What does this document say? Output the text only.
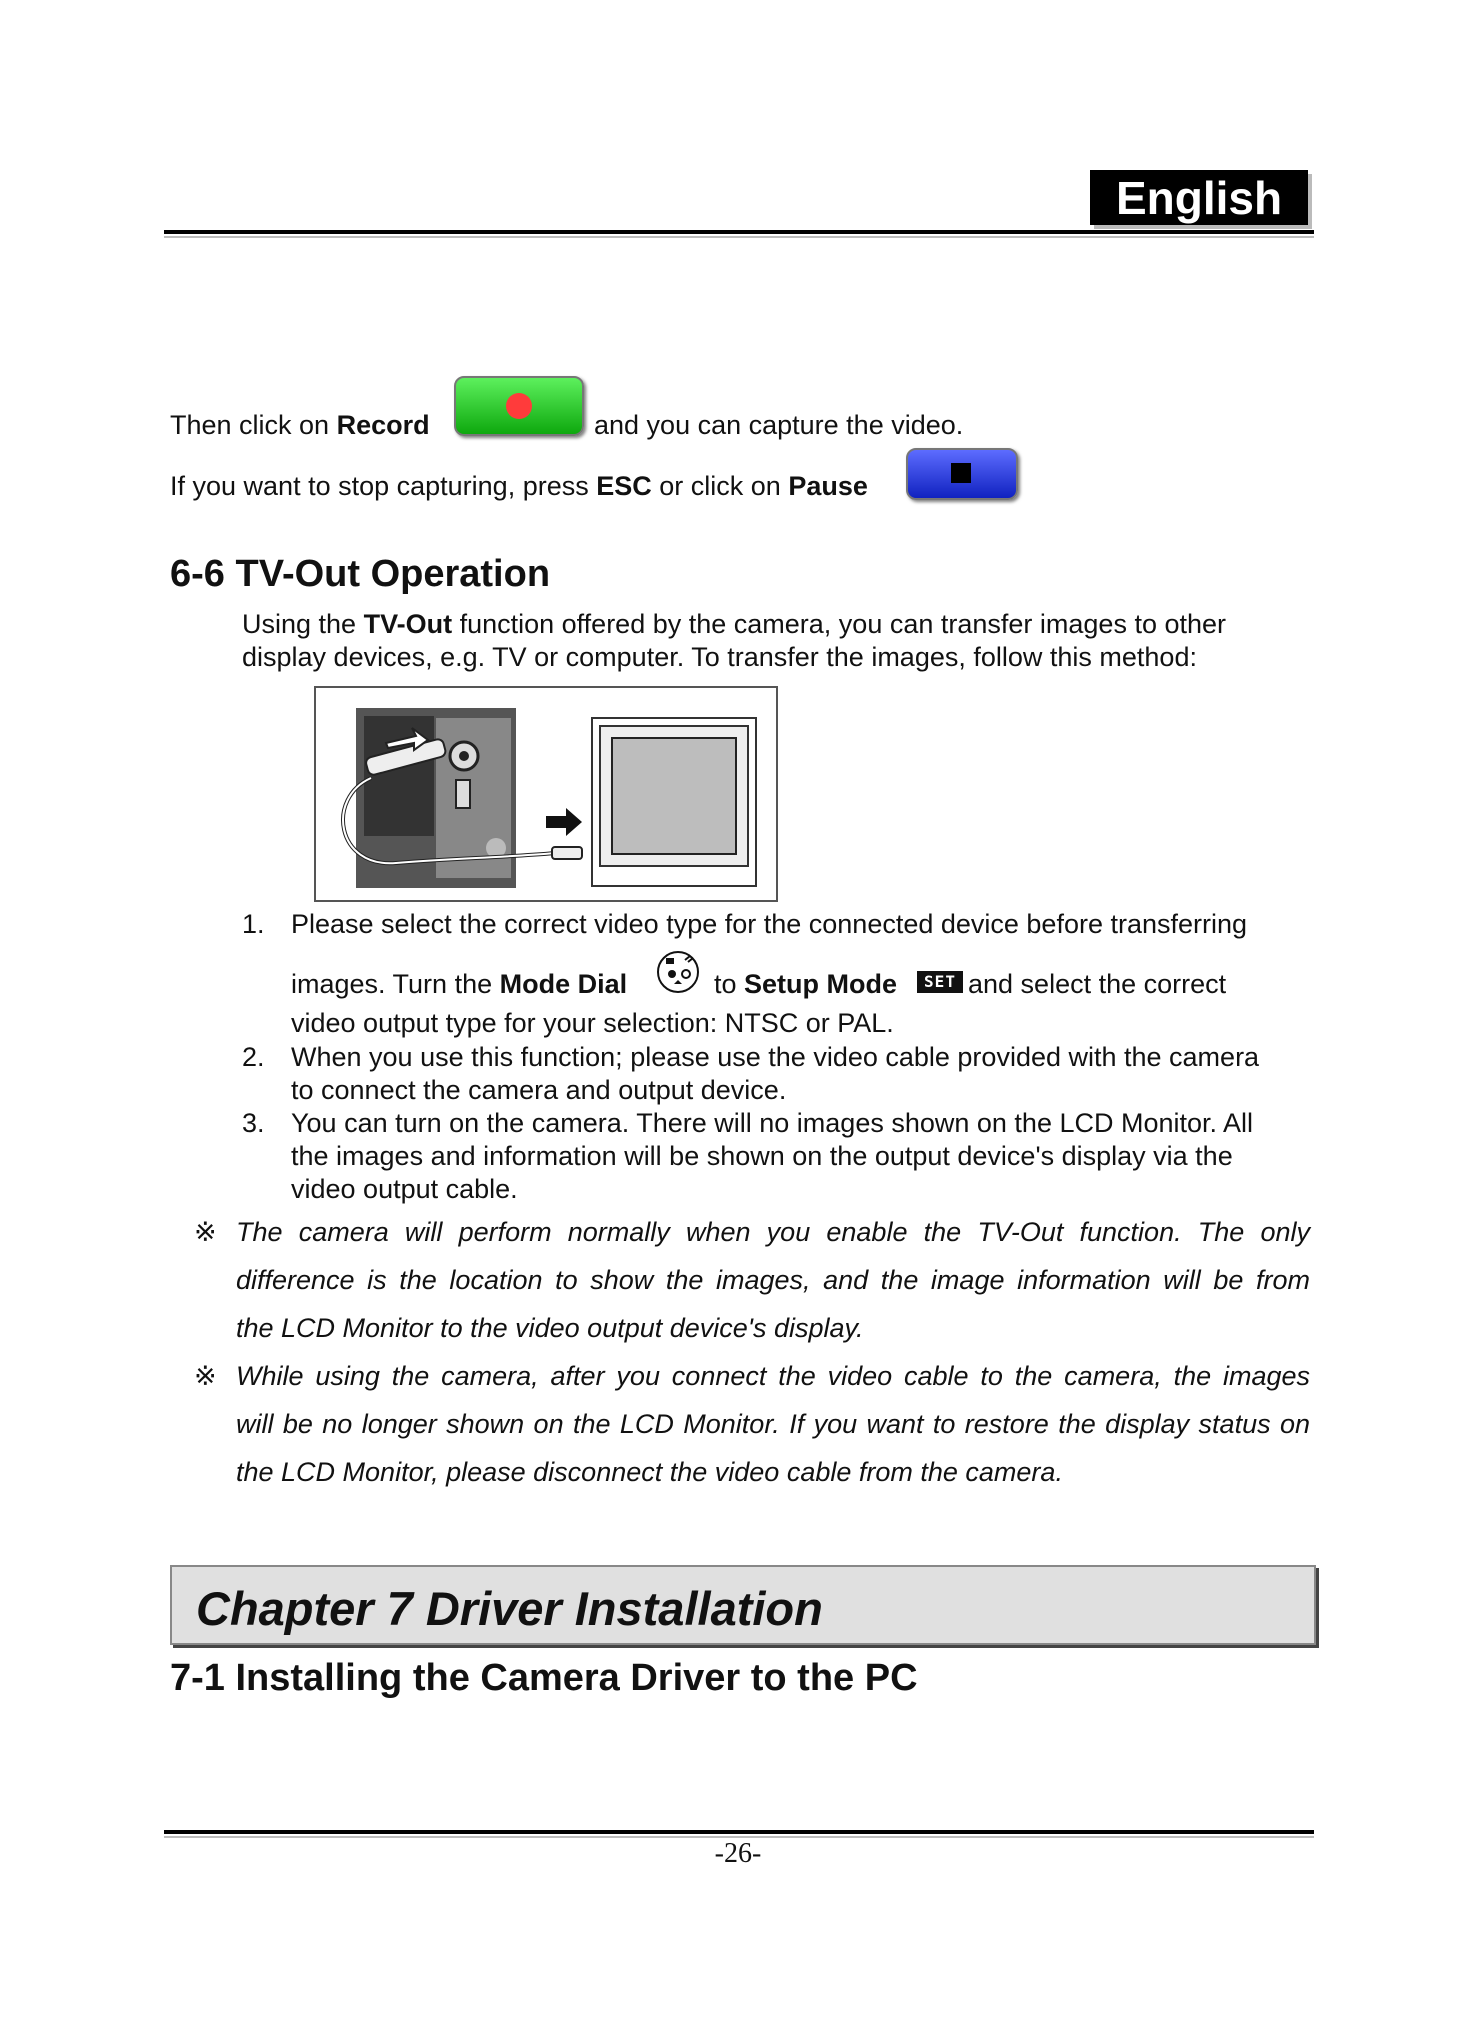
English
Then click on Record	and you can capture the video.
If you want to stop capturing, press ESC or click on Pause
6-6 TV-Out Operation
Using the TV-Out function offered by the camera, you can transfer images to other
display devices, e.g. TV or computer. To transfer the images, follow this method:
1. Please select the correct video type for the connected device before transferring
images. Turn the Mode Dial	to Setup Mode	SET and select the correct
video output type for your selection: NTSC or PAL.
2. When you use this function; please use the video cable provided with the camera
to connect the camera and output device.
3. You can turn on the camera. There will no images shown on the LCD Monitor. All
the images and information will be shown on the output device's display via the
video output cable.
※ The camera will perform normally when you enable the TV-Out function. The only
difference is the location to show the images, and the image information will be from
the LCD Monitor to the video output device's display.
※ While using the camera, after you connect the video cable to the camera, the images
will be no longer shown on the LCD Monitor. If you want to restore the display status on
the LCD Monitor, please disconnect the video cable from the camera.
Chapter 7 Driver Installation
7-1 Installing the Camera Driver to the PC
-26-
